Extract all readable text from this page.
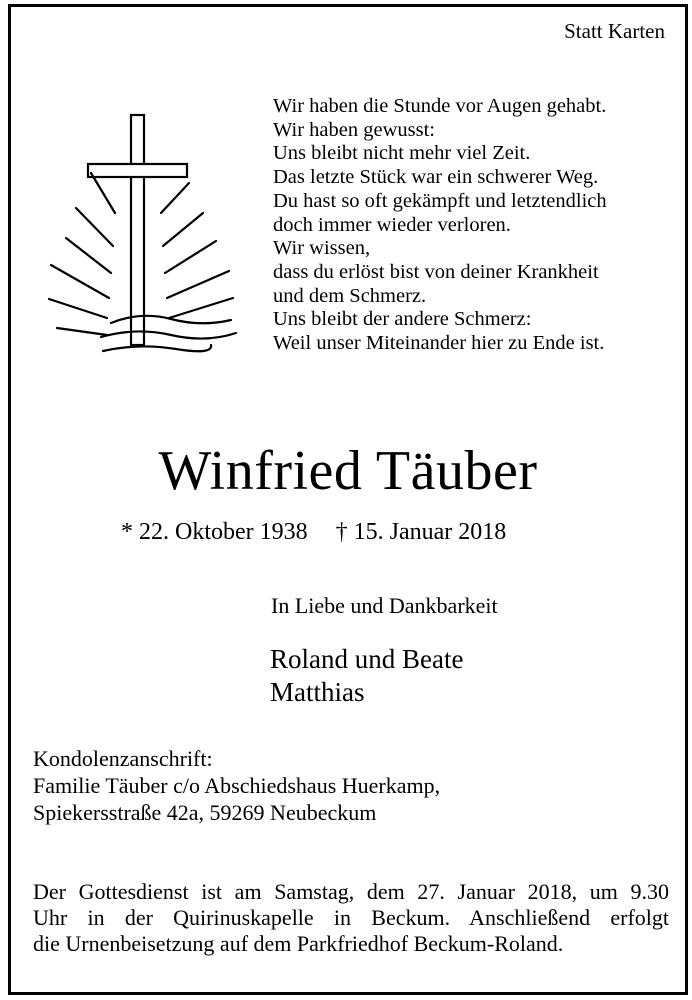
Statt Karten
Wir haben die Stunde vor Augen gehabt.
Wir haben gewusst:
Uns bleibt nicht mehr viel Zeit.
Das letzte Stück war ein schwerer Weg.
Du hast so oft gekämpft und letztendlich
doch immer wieder verloren.
Wir wissen,
dass du erlöst bist von deiner Krankheit
und dem Schmerz.
Uns bleibt der andere Schmerz:
Weil unser Miteinander hier zu Ende ist.
Winfried Täuber
* 22. Oktober 1938 † 15. Januar 2018
In Liebe und Dankbarkeit
Roland und Beate
Matthias
Kondolenzanschrift:
Familie Täuber c/o Abschiedshaus Huerkamp,
Spiekersstraße 42a, 59269 Neubeckum
Der Gottesdienst ist am Samstag, dem 27. Januar 2018, um 9.30
Uhr in der Quirinuskapelle in Beckum. Anschließend erfolgt
die Urnenbeisetzung auf dem Parkfriedhof Beckum-Roland.
